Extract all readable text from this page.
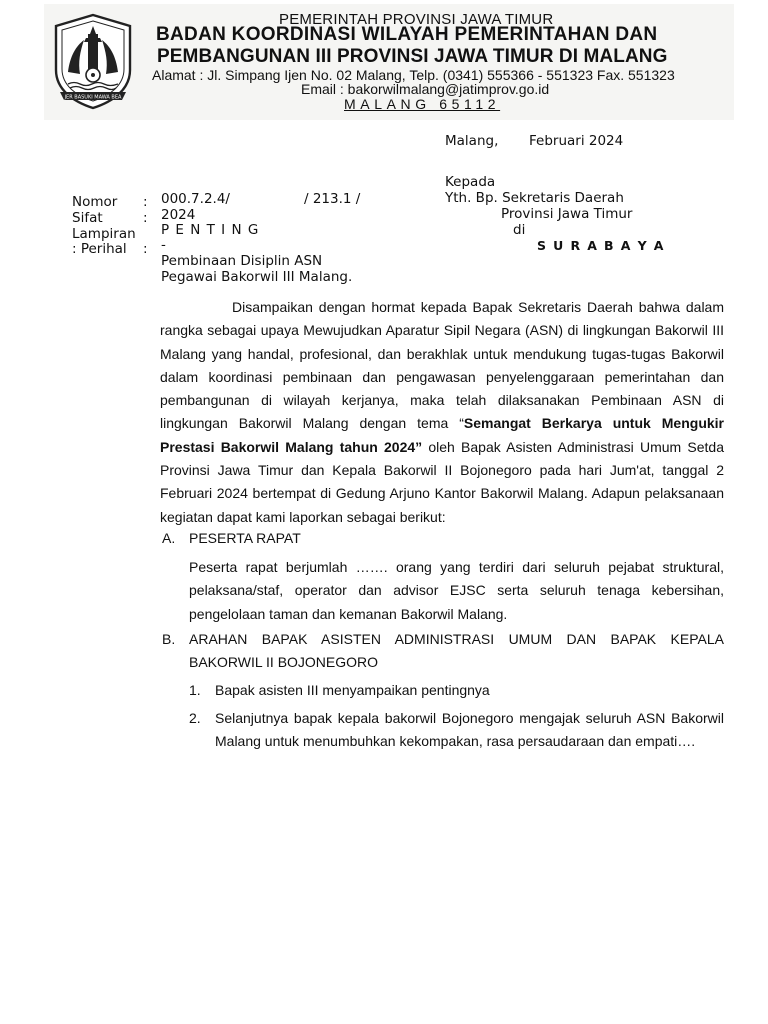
JER BASUKI MAWA BEA
PEMERINTAH PROVINSI JAWA TIMUR
BADAN KOORDINASI WILAYAH PEMERINTAHAN DAN
PEMBANGUNAN III PROVINSI JAWA TIMUR DI MALANG
Alamat : Jl. Simpang Ijen No. 02 Malang, Telp. (0341) 555366 - 551323 Fax. 551323
Email : bakorwilmalang@jatimprov.go.id
MALANG 65112
Malang, Februari 2024
Kepada
Yth. Bp. Sekretaris Daerah
Provinsi Jawa Timur
di
S U R A B A Y A
Nomor :
Sifat	:
Lampiran
: Perihal :
000.7.2.4/	/ 213.1 /
2024
P E N T I N G
-
Pembinaan Disiplin ASN
Pegawai Bakorwil III Malang.
Disampaikan dengan hormat kepada Bapak Sekretaris Daerah bahwa dalam rangka sebagai upaya Mewujudkan Aparatur Sipil Negara (ASN) di lingkungan Bakorwil III Malang yang handal, profesional, dan berakhlak untuk mendukung tugas-tugas Bakorwil dalam koordinasi pembinaan dan pengawasan penyelenggaraan pemerintahan dan pembangunan di wilayah kerjanya, maka telah dilaksanakan Pembinaan ASN di lingkungan Bakorwil Malang dengan tema “Semangat Berkarya untuk Mengukir Prestasi Bakorwil Malang tahun 2024” oleh Bapak Asisten Administrasi Umum Setda Provinsi Jawa Timur dan Kepala Bakorwil II Bojonegoro pada hari Jum'at, tanggal 2 Februari 2024 bertempat di Gedung Arjuno Kantor Bakorwil Malang. Adapun pelaksanaan kegiatan dapat kami laporkan sebagai berikut:
A. PESERTA RAPAT
Peserta rapat berjumlah ……. orang yang terdiri dari seluruh pejabat struktural, pelaksana/staf, operator dan advisor EJSC serta seluruh tenaga kebersihan, pengelolaan taman dan kemanan Bakorwil Malang.
B. ARAHAN BAPAK ASISTEN ADMINISTRASI UMUM DAN BAPAK KEPALA BAKORWIL II BOJONEGORO
1. Bapak asisten III menyampaikan pentingnya
2. Selanjutnya bapak kepala bakorwil Bojonegoro mengajak seluruh ASN Bakorwil Malang untuk menumbuhkan kekompakan, rasa persaudaraan dan empati….
